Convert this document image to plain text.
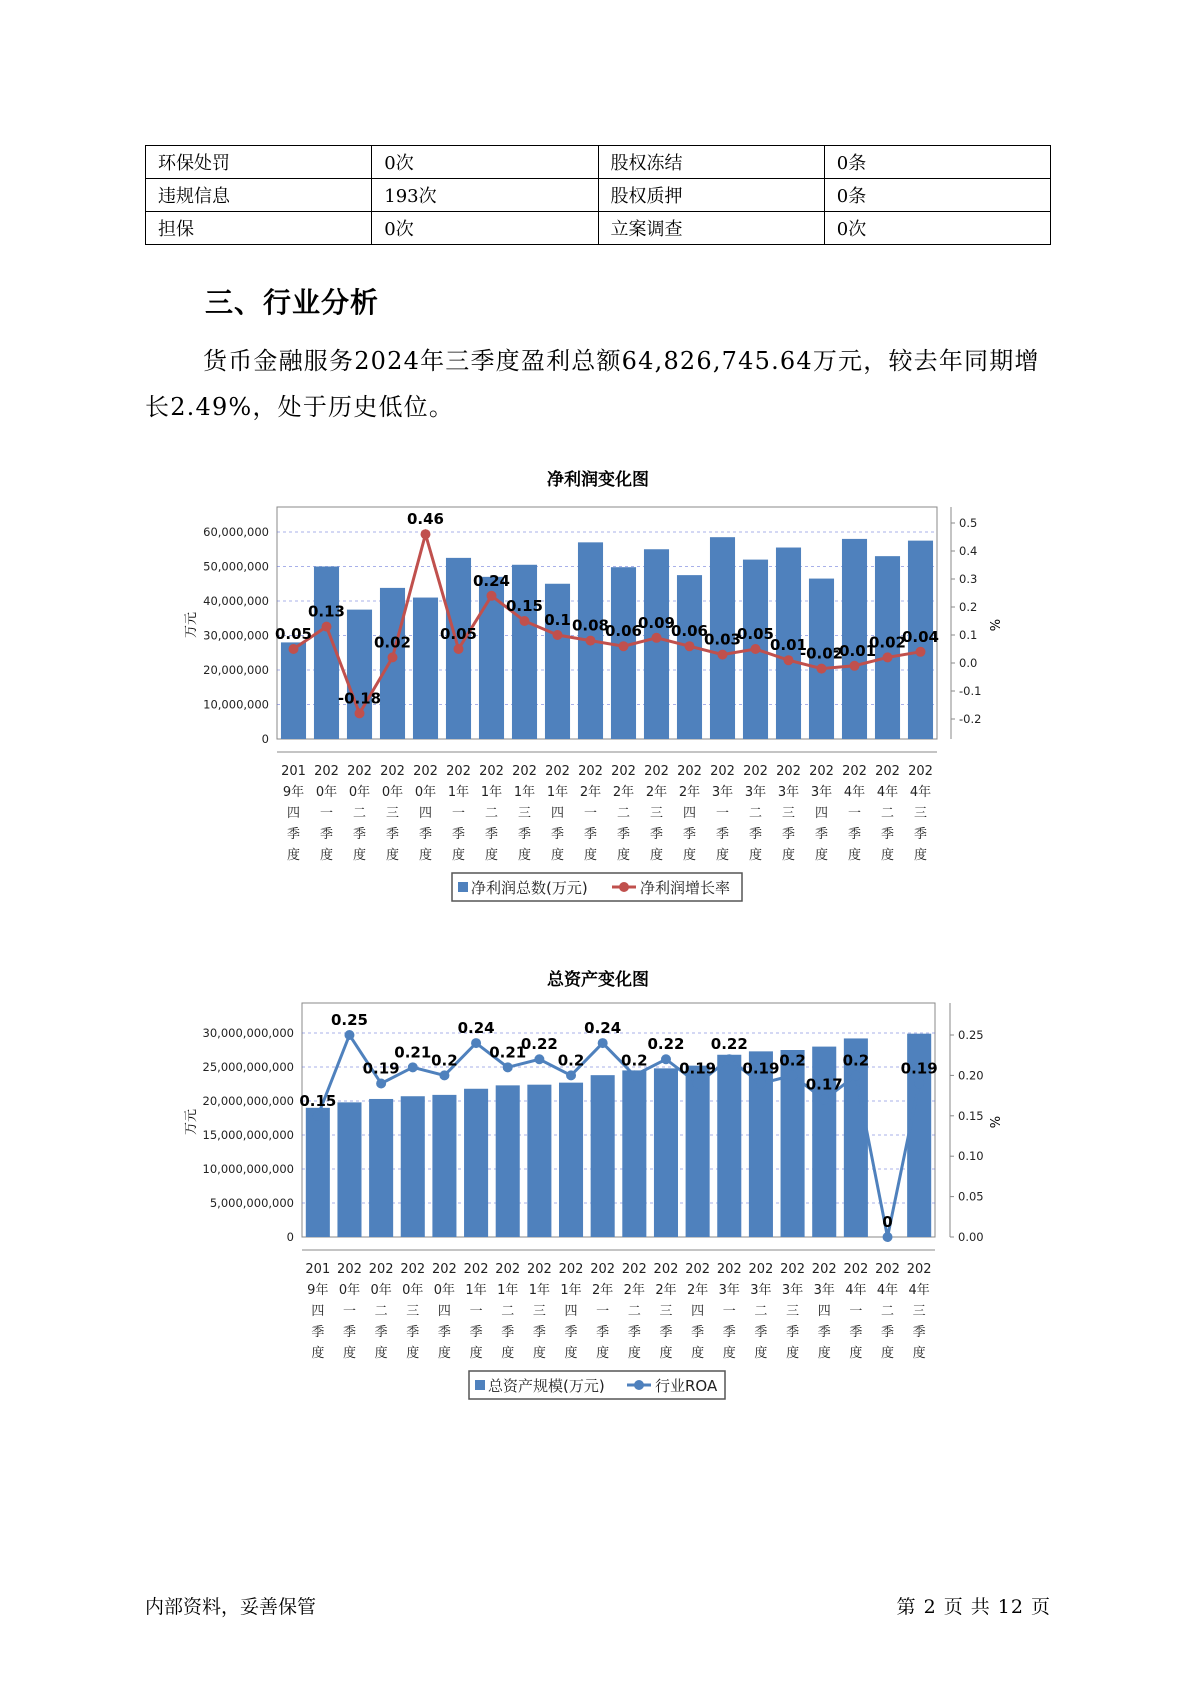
环保处罚	0次	股权冻结	0条
违规信息	193次	股权质押	0条
担保	0次	立案调查	0次
三、行业分析

货币金融服务2024年三季度盈利总额64,826,745.64万元，较去年同期增长2.49%，处于历史低位。

净利润变化图
0
10,000,000
20,000,000
30,000,000
40,000,000
50,000,000
60,000,000
-0.2
-0.1
0.0
0.1
0.2
0.3
0.4
0.5
万元	%
201 9年四季度
202 0年一季度
202 0年二季度
202 0年三季度
202 0年四季度
202 1年一季度
202 1年二季度
202 1年三季度
202 1年四季度
202 2年一季度
202 2年二季度
202 2年三季度
202 2年四季度
202 3年一季度
202 3年二季度
202 3年三季度
202 3年四季度
202 4年一季度
202 4年二季度
202 4年三季度
0.05
0.13
-0.18
0.02
0.46
0.05
0.24
0.15
0.1 0.08
0.06
0.09
0.06
0.03
0.05
0.01
-0.02
-0.01
0.02
0.04
净利润总数(万元)	净利润增长率
总资产变化图
0
5,000,000,000
10,000,000,000
15,000,000,000
20,000,000,000
25,000,000,000
30,000,000,000
0.00
0.05
0.10
0.15
0.20
0.25
万元	%
201 9年四季度
202 0年一季度
202 0年二季度
202 0年三季度
202 0年四季度
202 1年一季度
202 1年二季度
202 1年三季度
202 1年四季度
202 2年一季度
202 2年二季度
202 2年三季度
202 2年四季度
202 3年一季度
202 3年二季度
202 3年三季度
202 3年四季度
202 4年一季度
202 4年二季度
202 4年三季度
0.15
0.25
0.19
0.21 0.2
0.24
0.21
0.22
0.2
0.24
0.2
0.22
0.19
0.22
0.19 0.2
0.17
0.2
0
0.19
总资产规模(万元)	行业ROA
内部资料，妥善保管	第 2 页 共 12 页
